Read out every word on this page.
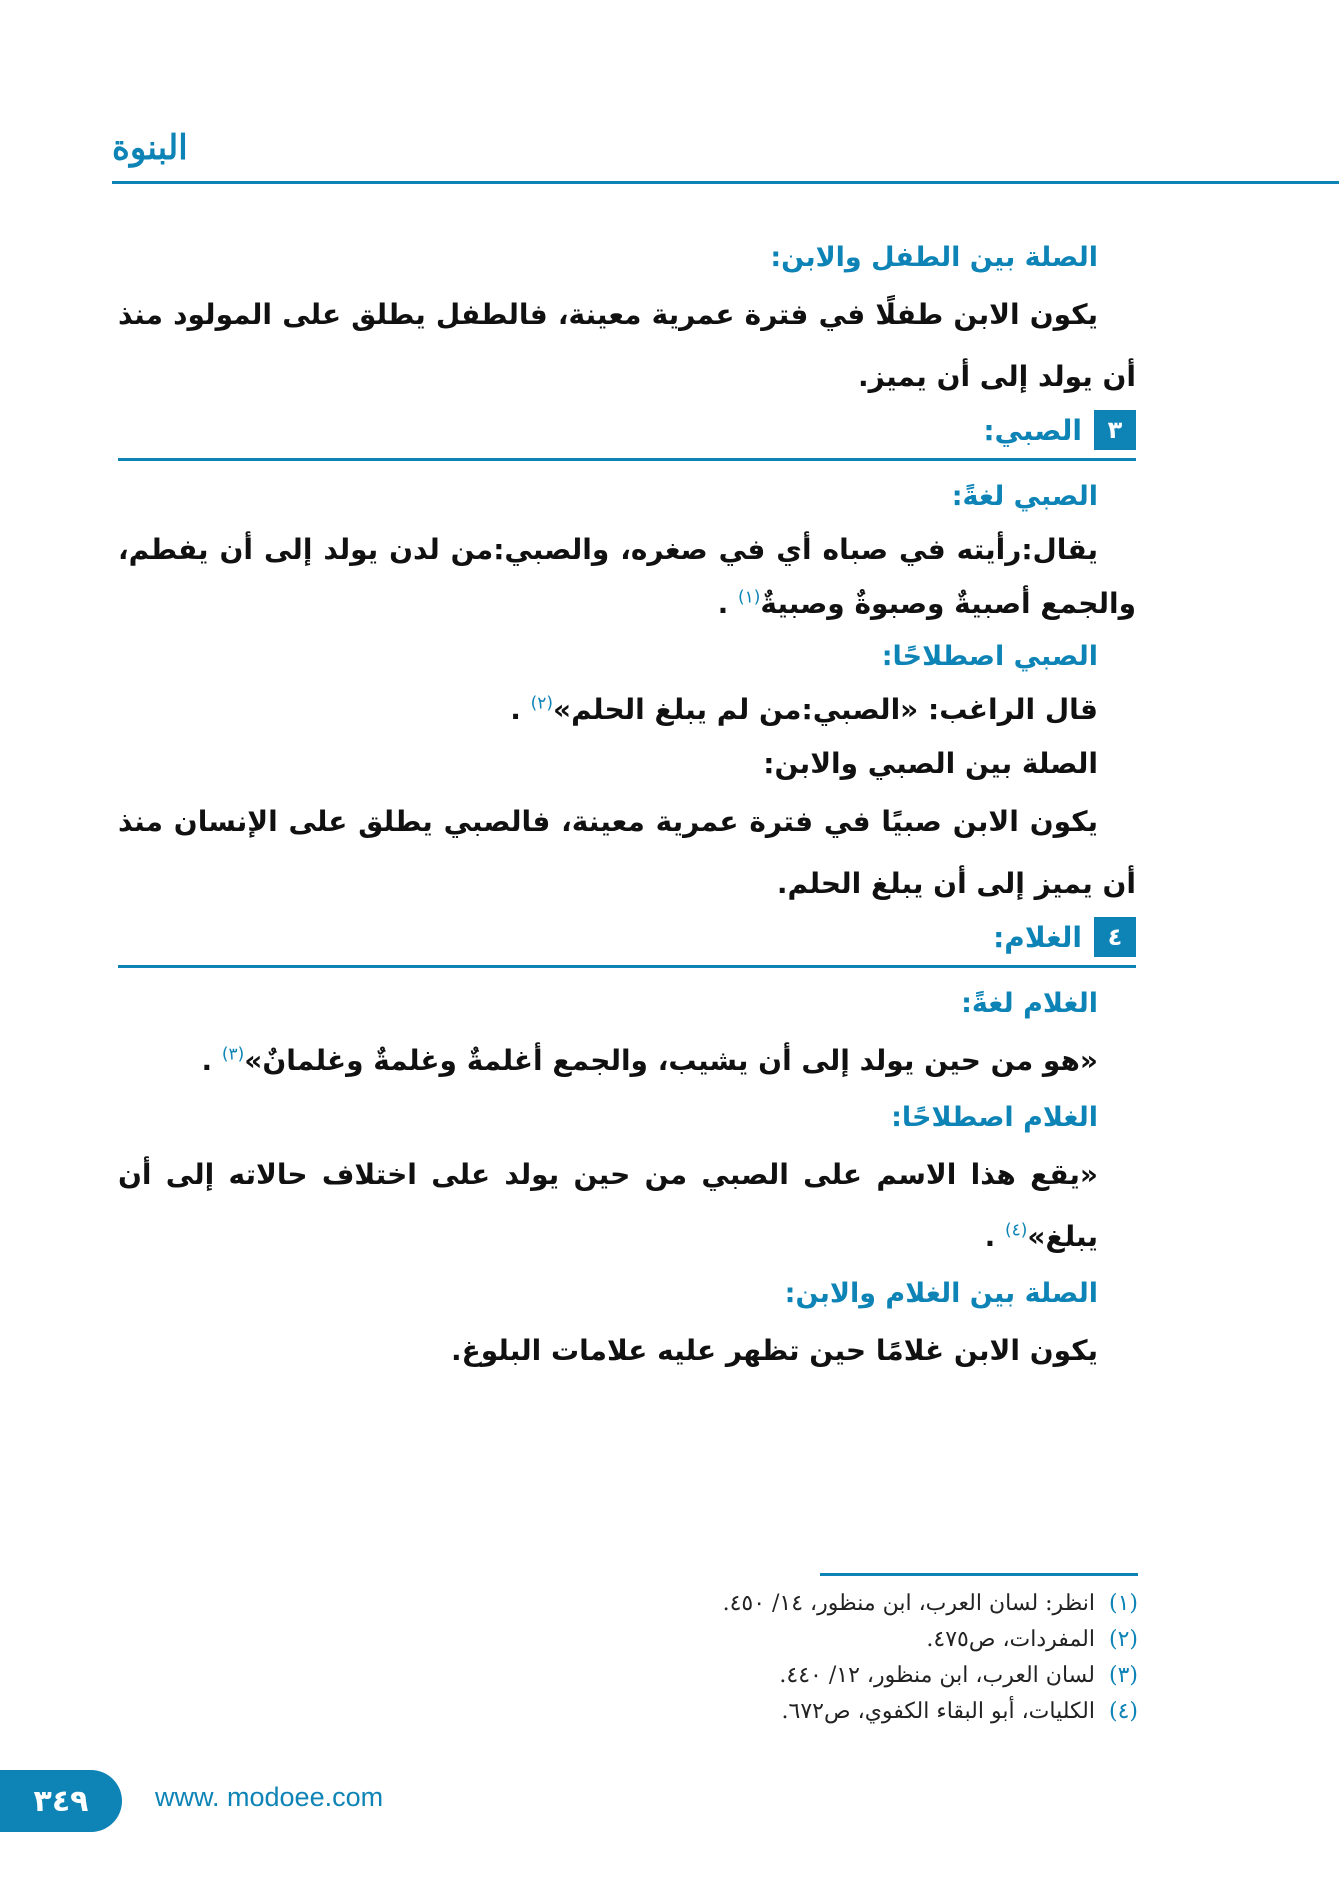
البنوة

الصلة بين الطفل والابن:

يكون الابن طفلًا في فترة عمرية معينة، فالطفل يطلق على المولود منذ أن يولد إلى أن يميز.

٣
الصبي:

الصبي لغةً:

يقال:رأيته في صباه أي في صغره، والصبي:من لدن يولد إلى أن يفطم، والجمع أصبيةٌ وصبوةٌ وصبيةٌ$^{(١)}$ .

الصبي اصطلاحًا:

قال الراغب: «الصبي:من لم يبلغ الحلم»$^{(٢)}$ .

الصلة بين الصبي والابن:

يكون الابن صبيًا في فترة عمرية معينة، فالصبي يطلق على الإنسان منذ أن يميز إلى أن يبلغ الحلم.

٤
الغلام:

الغلام لغةً:

«هو من حين يولد إلى أن يشيب، والجمع أغلمةٌ وغلمةٌ وغلمانٌ»$^{(٣)}$ .

الغلام اصطلاحًا:

«يقع هذا الاسم على الصبي من حين يولد على اختلاف حالاته إلى أن يبلغ»$^{(٤)}$ .

الصلة بين الغلام والابن:

يكون الابن غلامًا حين تظهر عليه علامات البلوغ.

(١)انظر: لسان العرب، ابن منظور، ١٤/ ٤٥٠.
(٢)المفردات، ص٤٧٥.
(٣)لسان العرب، ابن منظور، ١٢/ ٤٤٠.
(٤)الكليات، أبو البقاء الكفوي، ص٦٧٢.
٣٤٩	www. modoee.com
